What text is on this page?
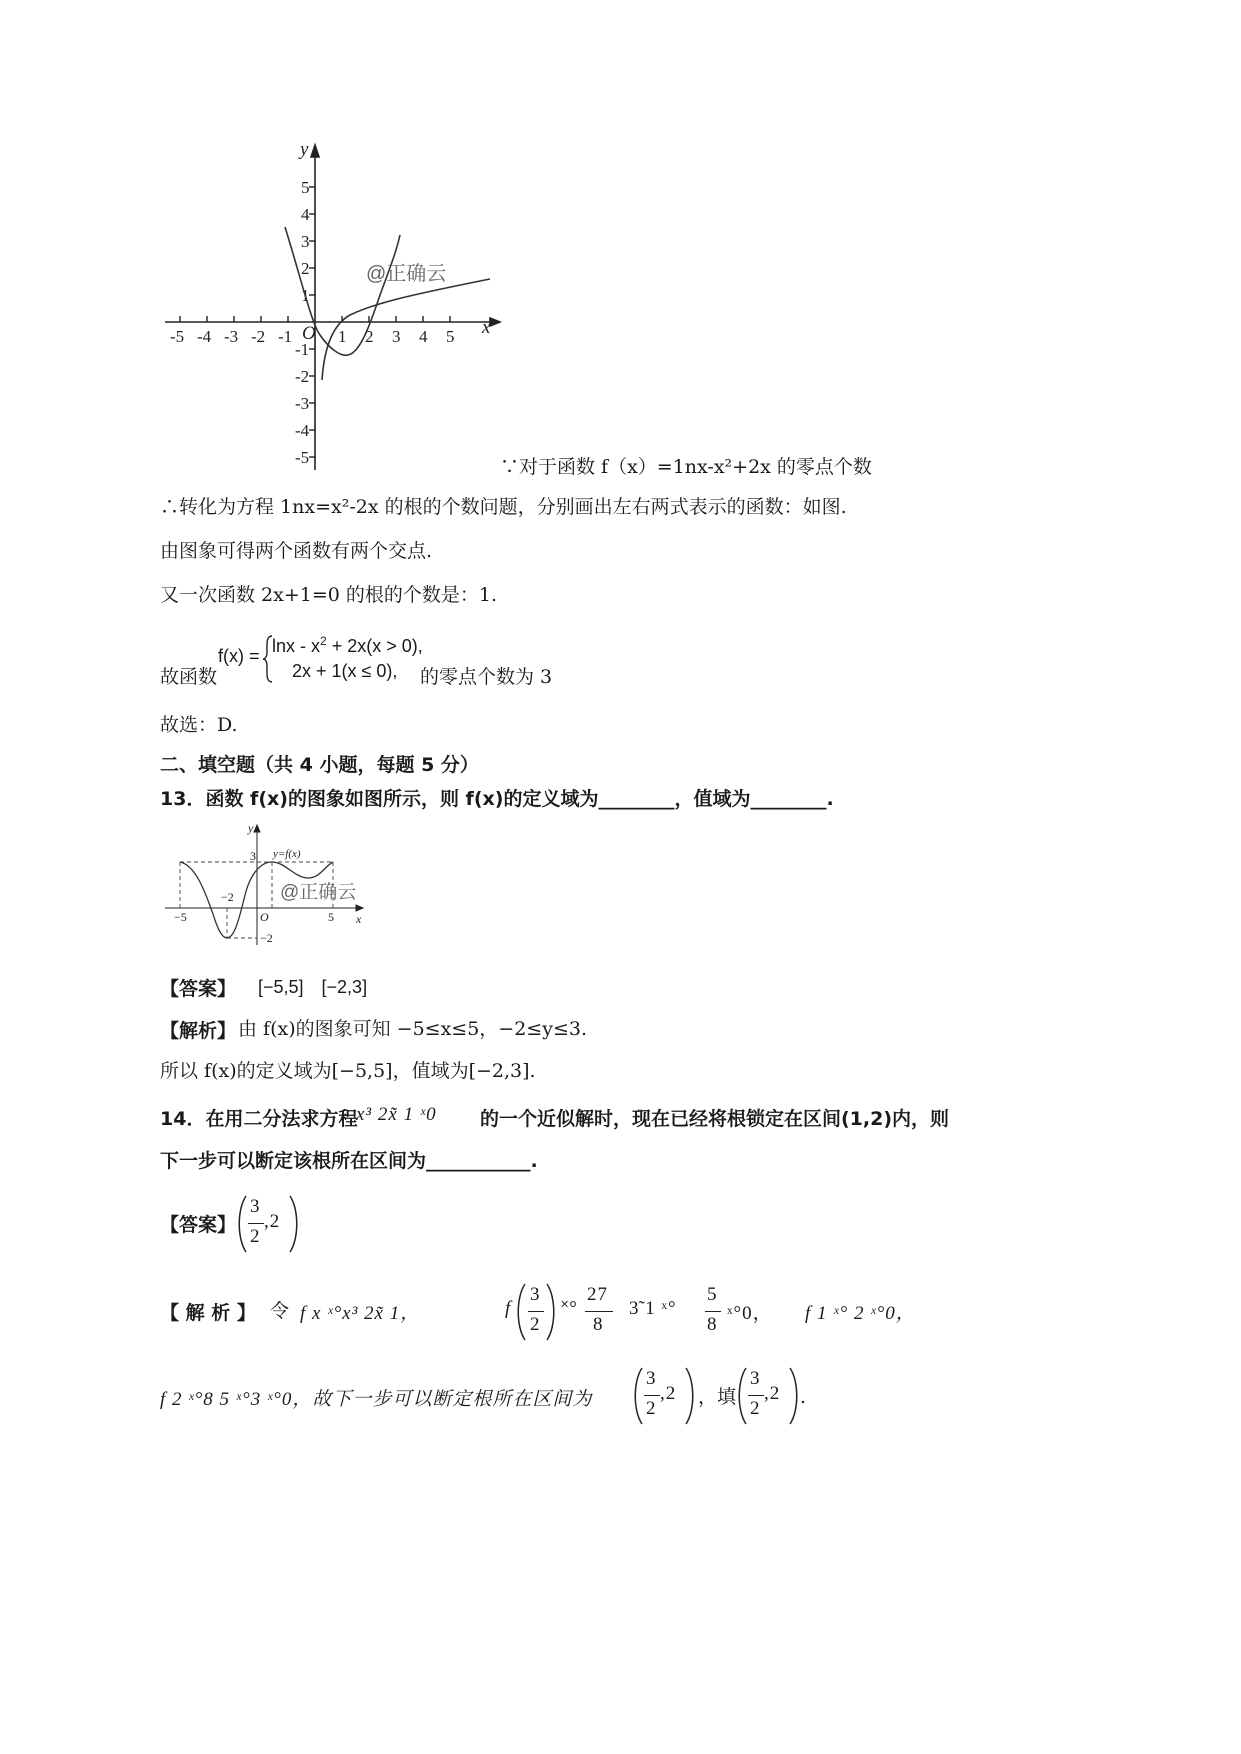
-5 -4 -3 -2 -1	1 2 3 4 5
5
4
3
2
1
-1
-2
-3
-4
-5
y
x
O
@正确云
∵对于函数 f（x）=1nx-x²+2x 的零点个数
∴转化为方程 1nx=x²-2x 的根的个数问题，分别画出左右两式表示的函数：如图.
由图象可得两个函数有两个交点.
又一次函数 2x+1=0 的根的个数是：1.
故函数
$f(x) = \ln x - x^2 + 2x(x > 0)$,
2x + 1(x ≤ 0), 的零点个数为 3
故选：D.
二、填空题（共 4 小题，每题 5 分）
13．函数 f(x)的图象如图所示，则 f(x)的定义域为________，值域为________.
y
x
y=f(x)
3
−2
−5	5
O
−2
@正确云
【答案】 [−5,5]　[−2,3]
【解析】 由 f(x)的图象可知 −5≤x≤5，−2≤y≤3.
所以 f(x)的定义域为[−5,5]，值域为[−2,3].
14．在用二分法求方程
x³ 2x̃ 1 ˣ0 的一个近似解时，现在已经将根锁定在区间(1,2)内，则
下一步可以断定该根所在区间为___________.
【答案】
3
2
,2
【 解 析 】 令 f x ˣ°x³ 2x̃ 1，	f
3
2
˟°
27
8
3̃ 1 ˣ°
5
8
ˣ°0， f 1 ˣ° 2 ˣ°0，
f 2 ˣ°8 5 ˣ°3 ˣ°0，故下一步可以断定根所在区间为
3
2
,2 ，填
3
2
,2 .
